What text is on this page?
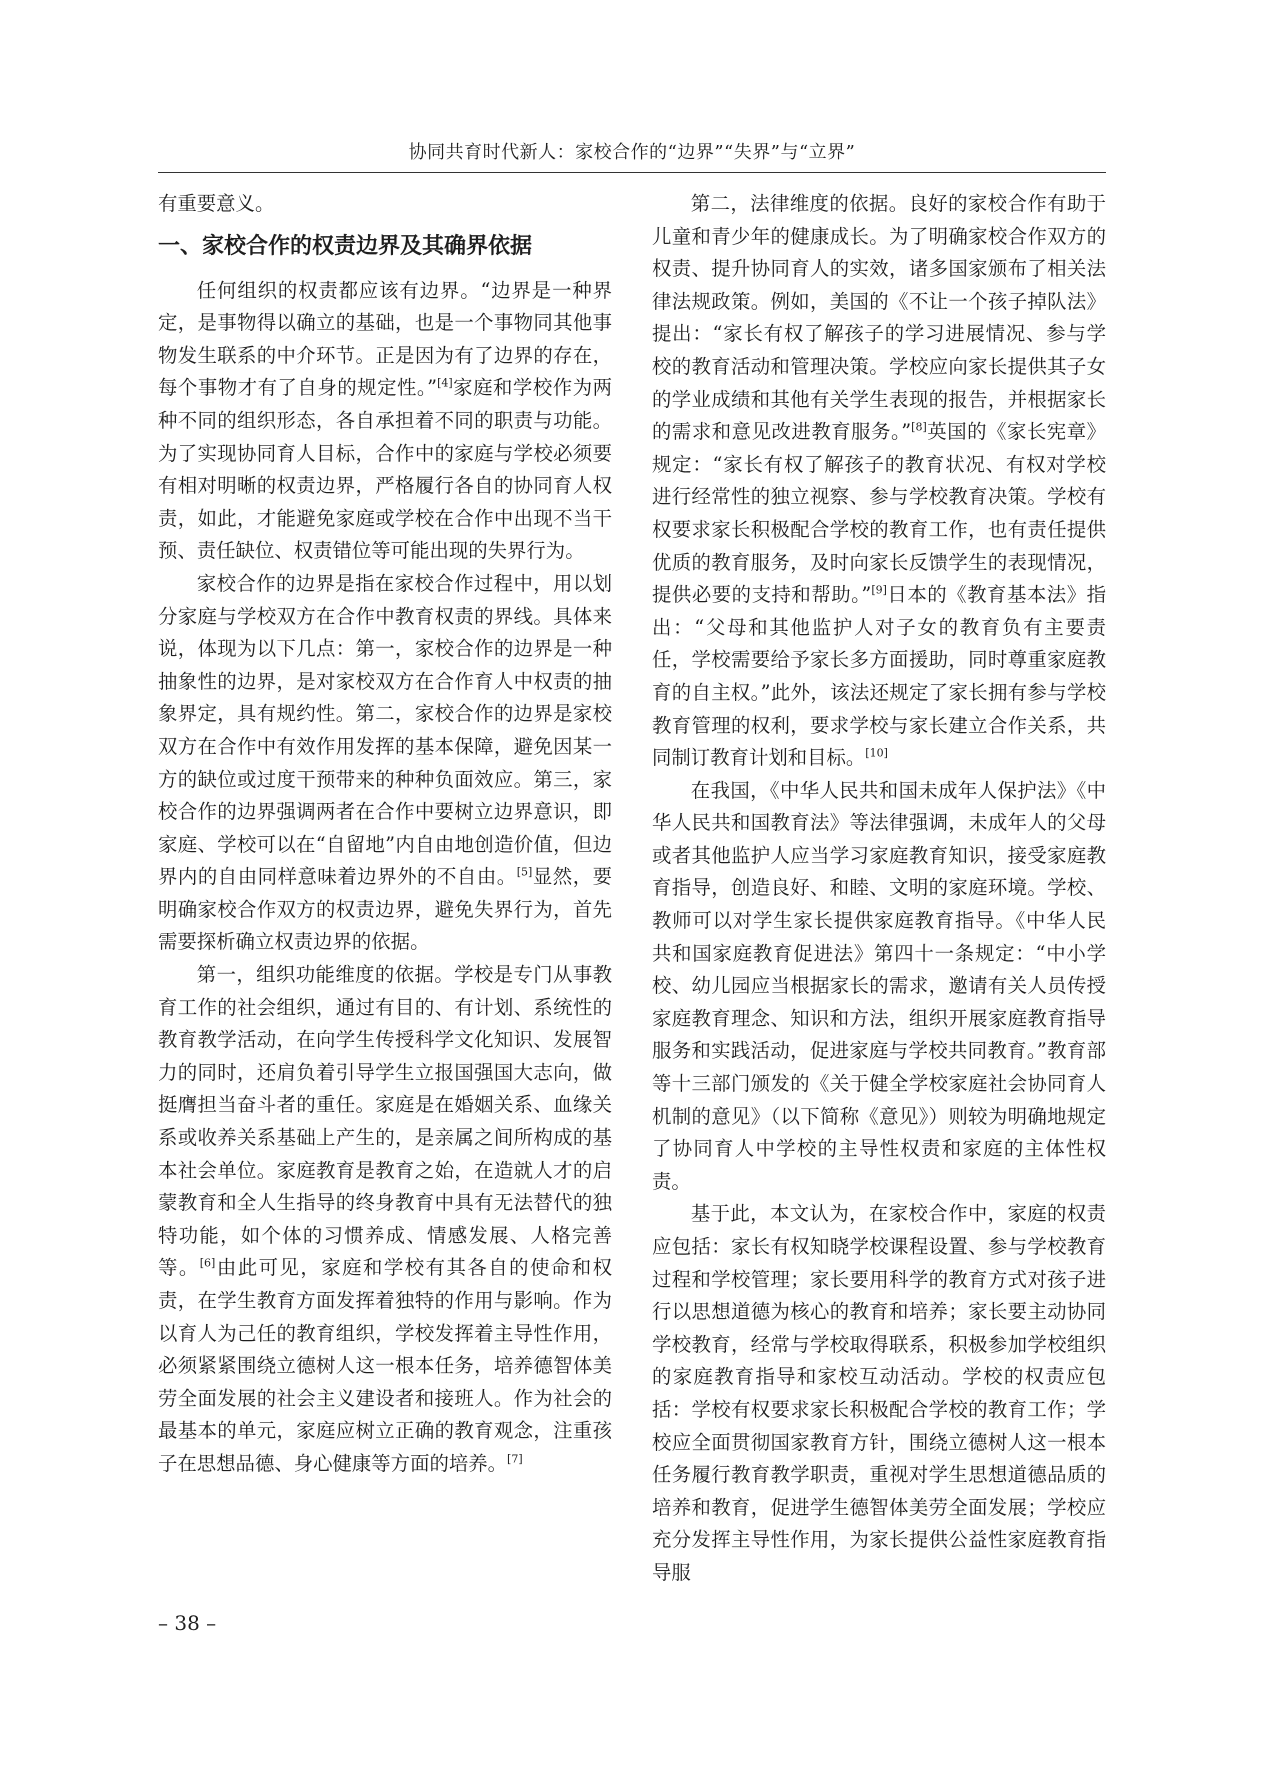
协同共育时代新人：家校合作的“边界”“失界”与“立界”

有重要意义。

一、家校合作的权责边界及其确界依据

任何组织的权责都应该有边界。“边界是一种界定，是事物得以确立的基础，也是一个事物同其他事物发生联系的中介环节。正是因为有了边界的存在，每个事物才有了自身的规定性。”[4]家庭和学校作为两种不同的组织形态，各自承担着不同的职责与功能。为了实现协同育人目标，合作中的家庭与学校必须要有相对明晰的权责边界，严格履行各自的协同育人权责，如此，才能避免家庭或学校在合作中出现不当干预、责任缺位、权责错位等可能出现的失界行为。

家校合作的边界是指在家校合作过程中，用以划分家庭与学校双方在合作中教育权责的界线。具体来说，体现为以下几点：第一，家校合作的边界是一种抽象性的边界，是对家校双方在合作育人中权责的抽象界定，具有规约性。第二，家校合作的边界是家校双方在合作中有效作用发挥的基本保障，避免因某一方的缺位或过度干预带来的种种负面效应。第三，家校合作的边界强调两者在合作中要树立边界意识，即家庭、学校可以在“自留地”内自由地创造价值，但边界内的自由同样意味着边界外的不自由。[5]显然，要明确家校合作双方的权责边界，避免失界行为，首先需要探析确立权责边界的依据。

第一，组织功能维度的依据。学校是专门从事教育工作的社会组织，通过有目的、有计划、系统性的教育教学活动，在向学生传授科学文化知识、发展智力的同时，还肩负着引导学生立报国强国大志向，做挺膺担当奋斗者的重任。家庭是在婚姻关系、血缘关系或收养关系基础上产生的，是亲属之间所构成的基本社会单位。家庭教育是教育之始，在造就人才的启蒙教育和全人生指导的终身教育中具有无法替代的独特功能，如个体的习惯养成、情感发展、人格完善等。[6]由此可见，家庭和学校有其各自的使命和权责，在学生教育方面发挥着独特的作用与影响。作为以育人为己任的教育组织，学校发挥着主导性作用，必须紧紧围绕立德树人这一根本任务，培养德智体美劳全面发展的社会主义建设者和接班人。作为社会的最基本的单元，家庭应树立正确的教育观念，注重孩子在思想品德、身心健康等方面的培养。[7]

第二，法律维度的依据。良好的家校合作有助于儿童和青少年的健康成长。为了明确家校合作双方的权责、提升协同育人的实效，诸多国家颁布了相关法律法规政策。例如，美国的《不让一个孩子掉队法》提出：“家长有权了解孩子的学习进展情况、参与学校的教育活动和管理决策。学校应向家长提供其子女的学业成绩和其他有关学生表现的报告，并根据家长的需求和意见改进教育服务。”[8]英国的《家长宪章》规定：“家长有权了解孩子的教育状况、有权对学校进行经常性的独立视察、参与学校教育决策。学校有权要求家长积极配合学校的教育工作，也有责任提供优质的教育服务，及时向家长反馈学生的表现情况，提供必要的支持和帮助。”[9]日本的《教育基本法》指出：“父母和其他监护人对子女的教育负有主要责任，学校需要给予家长多方面援助，同时尊重家庭教育的自主权。”此外，该法还规定了家长拥有参与学校教育管理的权利，要求学校与家长建立合作关系，共同制订教育计划和目标。[10]

在我国，《中华人民共和国未成年人保护法》《中华人民共和国教育法》等法律强调，未成年人的父母或者其他监护人应当学习家庭教育知识，接受家庭教育指导，创造良好、和睦、文明的家庭环境。学校、教师可以对学生家长提供家庭教育指导。《中华人民共和国家庭教育促进法》第四十一条规定：“中小学校、幼儿园应当根据家长的需求，邀请有关人员传授家庭教育理念、知识和方法，组织开展家庭教育指导服务和实践活动，促进家庭与学校共同教育。”教育部等十三部门颁发的《关于健全学校家庭社会协同育人机制的意见》（以下简称《意见》）则较为明确地规定了协同育人中学校的主导性权责和家庭的主体性权责。

基于此，本文认为，在家校合作中，家庭的权责应包括：家长有权知晓学校课程设置、参与学校教育过程和学校管理；家长要用科学的教育方式对孩子进行以思想道德为核心的教育和培养；家长要主动协同学校教育，经常与学校取得联系，积极参加学校组织的家庭教育指导和家校互动活动。学校的权责应包括：学校有权要求家长积极配合学校的教育工作；学校应全面贯彻国家教育方针，围绕立德树人这一根本任务履行教育教学职责，重视对学生思想道德品质的培养和教育，促进学生德智体美劳全面发展；学校应充分发挥主导性作用，为家长提供公益性家庭教育指导服

– 38 –
